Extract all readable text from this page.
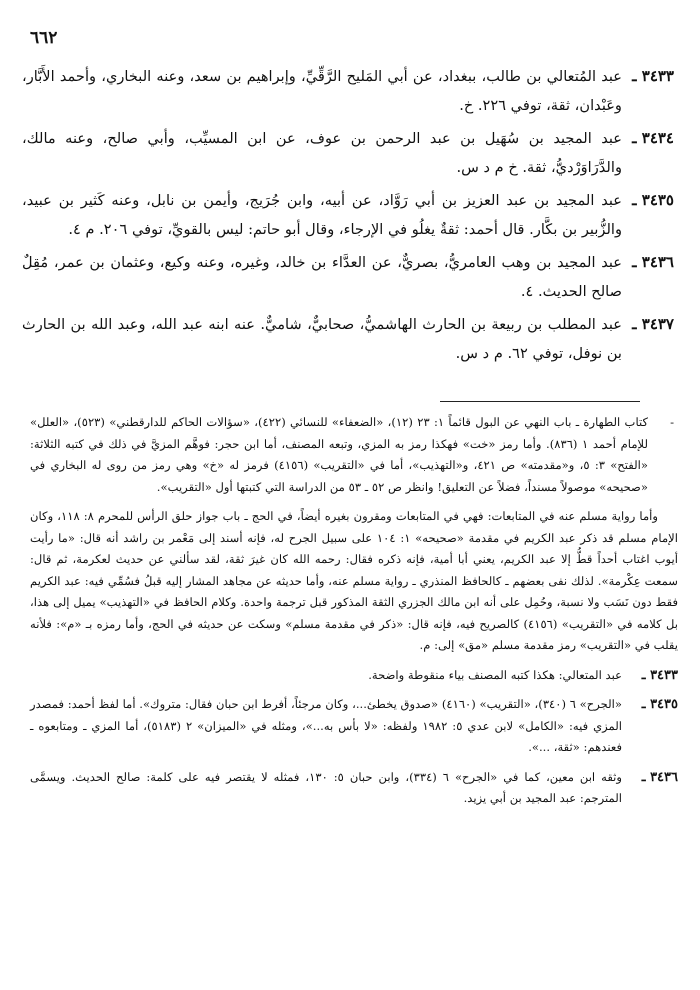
٦٦٢

٣٤٣٣ ـ
عبد المُتعالي بن طالب، ببغداد، عن أبي المَليح الرَّقِّيِّ، وإبراهيم بن سعد، وعنه البخاري، وأحمد الأَبَّار، وعَبْدان، ثقة، توفي ٢٢٦. خ.

٣٤٣٤ ـ
عبد المجيد بن سُهَيل بن عبد الرحمن بن عوف، عن ابن المسيِّب، وأبي صالح، وعنه مالك، والدَّرَاوَرْديُّ، ثقة. خ م د س.

٣٤٣٥ ـ
عبد المجيد بن عبد العزيز بن أبي رَوَّاد، عن أبيه، وابن جُرَيج، وأيمن بن نابل، وعنه كَثير بن عبيد، والزُّبير بن بكَّار. قال أحمد: ثقةٌ يغلُو في الإرجاء، وقال أبو حاتم: ليس بالقويِّ، توفي ٢٠٦. م ٤.

٣٤٣٦ ـ
عبد المجيد بن وهب العامريُّ، بصريٌّ، عن العدَّاء بن خالد، وغيره، وعنه وكيع، وعثمان بن عمر، مُقِلٌ صالح الحديث. ٤.

٣٤٣٧ ـ
عبد المطلب بن ربيعة بن الحارث الهاشميُّ، صحابيٌّ، شاميٌّ. عنه ابنه عبد الله، وعبد الله بن الحارث بن نوفل، توفي ٦٢. م د س.

-
كتاب الطهارة ـ باب النهي عن البول قائماً ١: ٢٣ (١٢)، «الضعفاء» للنسائي (٤٢٢)، «سؤالات الحاكم للدارقطني» (٥٢٣)، «العلل» للإمام أحمد ١ (٨٣٦). وأما رمز «خت» فهكذا رمز به المزي، وتبعه المصنف، أما ابن حجر: فوهَّم المزيَّ في ذلك في كتبه الثلاثة: «الفتح» ٣: ٥، و«مقدمته» ص ٤٢١، و«التهذيب»، أما في «التقريب» (٤١٥٦) فرمز له «خ» وهي رمز من روى له البخاري في «صحيحه» موصولاً مسنداً، فضلاً عن التعليق! وانظر ص ٥٢ ـ ٥٣ من الدراسة التي كتبتها أول «التقريب».

وأما رواية مسلم عنه في المتابعات: فهي في المتابعات ومقرون بغيره أيضاً، في الحج ـ باب جواز حلق الرأس للمحرم ٨: ١١٨، وكان الإمام مسلم قد ذكر عبد الكريم في مقدمة «صحيحه» ١: ١٠٤ على سبيل الجرح له، فإنه أسند إلى مَعْمر بن راشد أنه قال: «ما رأيت أيوب اغتاب أحداً قطُّ إلا عبد الكريم، يعني أبا أمية، فإنه ذكره فقال: رحمه الله كان غيرَ ثقة، لقد سألني عن حديث لعكرمة، ثم قال: سمعت عِكْرمة». لذلك نفى بعضهم ـ كالحافظ المنذري ـ رواية مسلم عنه، وأما حديثه عن مجاهد المشار إليه قبلُ فسُمِّي فيه: عبد الكريم فقط دون نَسَب ولا نسبة، وحُمِل على أنه ابن مالك الجزري الثقة المذكور قبل ترجمة واحدة. وكلام الحافظ في «التهذيب» يميل إلى هذا، بل كلامه في «التقريب» (٤١٥٦) كالصريح فيه، فإنه قال: «ذكر في مقدمة مسلم» وسكت عن حديثه في الحج، وأما رمزه بـ «م»: فلأنه يقلب في «التقريب» رمز مقدمة مسلم «مق» إلى: م.

٣٤٣٣ ـ
عبد المتعالي: هكذا كتبه المصنف بياء منقوطة واضحة.

٣٤٣٥ ـ
«الجرح» ٦ (٣٤٠)، «التقريب» (٤١٦٠) «صدوق يخطئ...، وكان مرجئاً، أفرط ابن حبان فقال: متروك». أما لفظ أحمد: فمصدر المزي فيه: «الكامل» لابن عدي ٥: ١٩٨٢ ولفظه: «لا بأس به...»، ومثله في «الميزان» ٢ (٥١٨٣)، أما المزي ـ ومتابعوه ـ فعندهم: «ثقة، ...».

٣٤٣٦ ـ
وثقه ابن معين، كما في «الجرح» ٦ (٣٣٤)، وابن حبان ٥: ١٣٠، فمثله لا يقتصر فيه على كلمة: صالح الحديث. ويسمَّى المترجم: عبد المجيد بن أبي يزيد.
